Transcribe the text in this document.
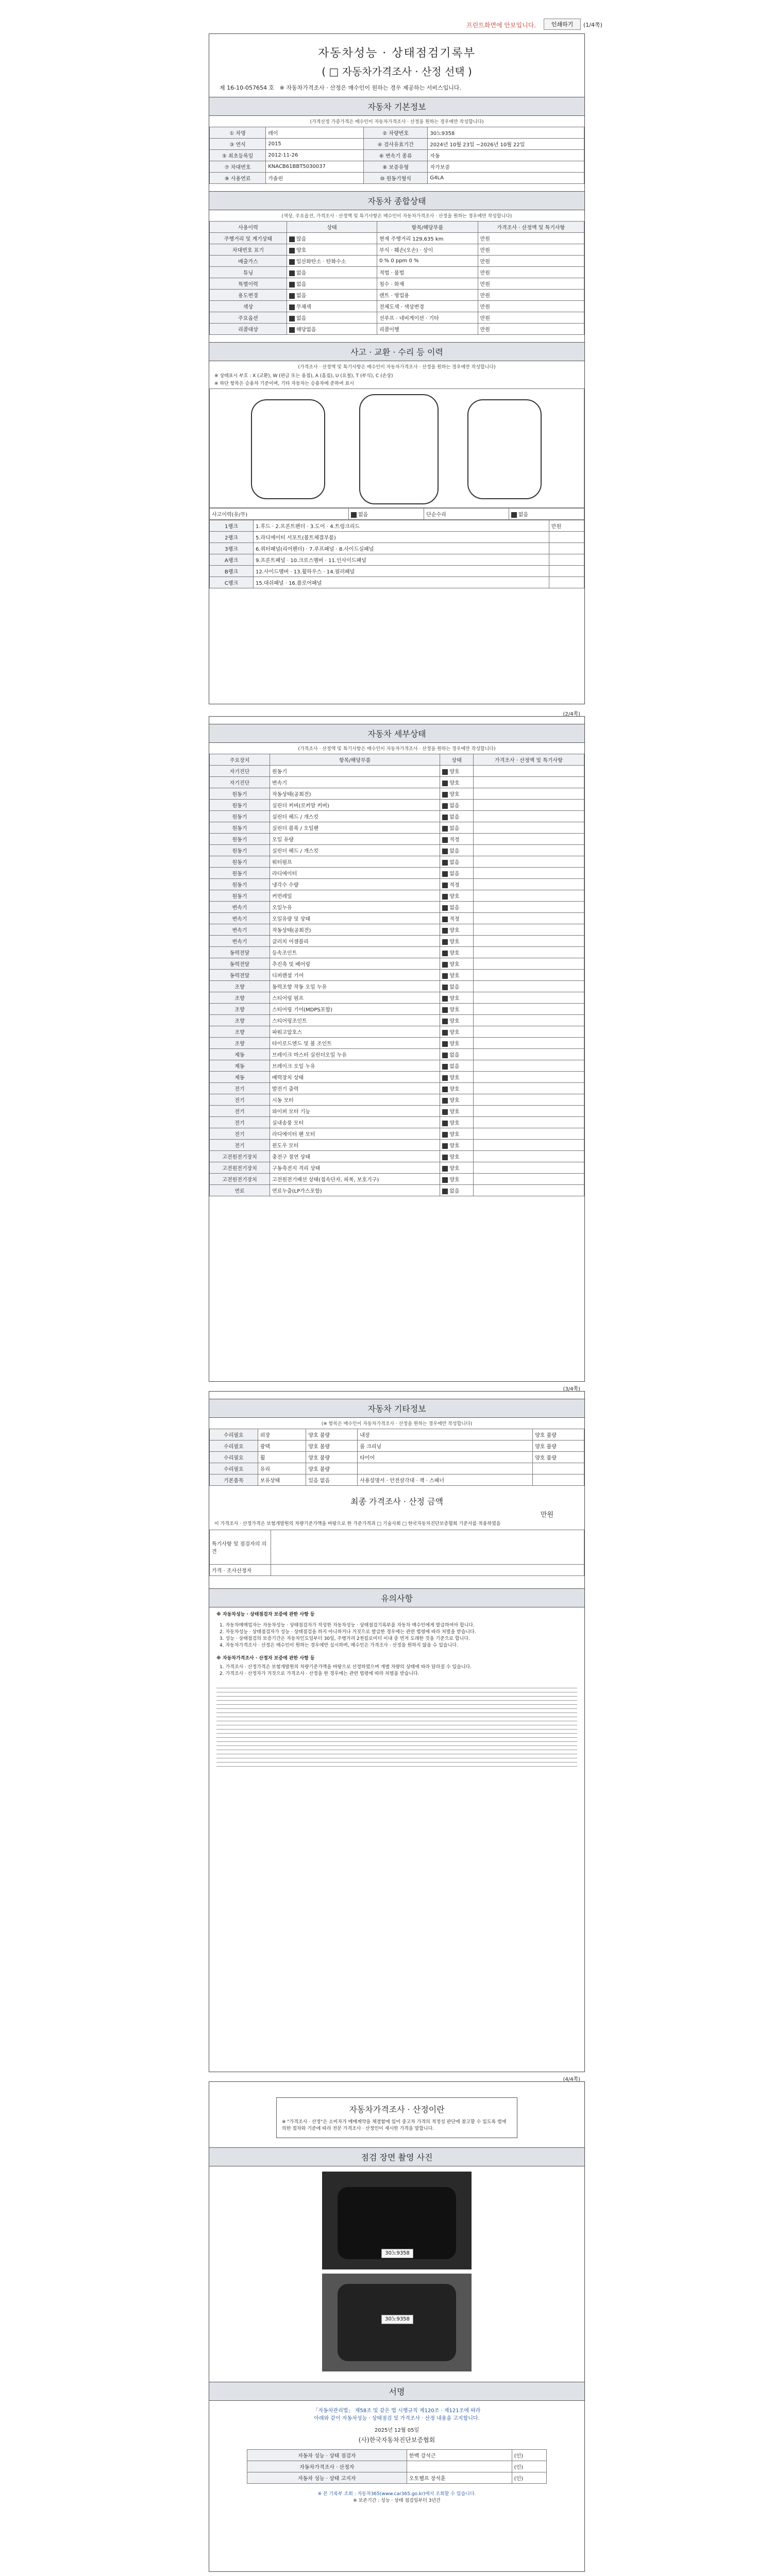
프린트화면에 안보입니다.	인쇄하기	(1/4쪽)
자동차성능 · 상태점검기록부
( □ 자동차가격조사 · 산정 선택 )
제 16-10-057654 호 ※ 자동차가격조사 · 산정은 매수인이 원하는 경우 제공하는 서비스입니다.
자동차 기본정보
(가격산정 가중가격은 매수인이 자동차가격조사 · 산정을 원하는 경우에만 작성합니다)
① 차명	레이	② 차량번호	30노9358
③ 연식	2015	④ 검사유효기간	2024년 10월 23일 ~2026년 10월 22일
⑤ 최초등록일	2012-11-26	⑥ 변속기 종류	자동
⑦ 차대번호	KNACB61BBT5030037	⑧ 보증유형	자가보증
⑨ 사용연료	가솔린	⑩ 원동기형식	G4LA
자동차 종합상태
(색상, 주요옵션, 가격조사 · 산정액 및 특기사항은 매수인이 자동차가격조사 · 산정을 원하는 경우에만 작성합니다)
사용이력	상태	항목/해당부품	가격조사 · 산정액 및 특기사항
주행거리 및 계기상태	많음	현재 주행거리 129,635 km	만원
차대번호 표기	양호	부식 · 훼손(오손) · 상이	만원
배출가스	일산화탄소 · 탄화수소	0 % 0 ppm 0 %	만원
튜닝	없음	적법 · 불법	만원
특별이력	없음	침수 · 화재	만원
용도변경	없음	렌트 · 영업용	만원
색상	무채색	전체도색 · 색상변경	만원
주요옵션	없음	선루프 · 네비게이션 · 기타	만원
리콜대상	해당없음	리콜이행	만원
사고 · 교환 · 수리 등 이력
(가격조사 · 산정액 및 특기사항은 매수인이 자동차가격조사 · 산정을 원하는 경우에만 작성합니다)
※ 상태표시 부호 : X (교환), W (판금 또는 용접), A (흠집), U (요철), T (부식), C (손상)
※ 하단 항목은 승용차 기준이며, 기타 자동차는 승용차에 준하여 표시
사고이력(유/무)	없음	단순수리	없음
1랭크	1.후드 · 2.프론트펜더 · 3.도어 · 4.트렁크리드	만원
2랭크	5.라디에이터 서포트(볼트체결부품)	
3랭크	6.쿼터패널(리어펜더) · 7.루프패널 · 8.사이드실패널	
A랭크	9.프론트패널 · 10.크로스멤버 · 11.인사이드패널	
B랭크	12.사이드멤버 · 13.휠하우스 · 14.필러패널	
C랭크	15.대쉬패널 · 16.플로어패널	
(2/4쪽)
자동차 세부상태
(가격조사 · 산정액 및 특기사항은 매수인이 자동차가격조사 · 산정을 원하는 경우에만 작성합니다)
주요장치	항목/해당부품	상태	가격조사 · 산정액 및 특기사항
자기진단	원동기	양호	
자기진단	변속기	양호	
원동기	작동상태(공회전)	양호	
원동기	실린더 커버(로커암 커버)	없음	
원동기	실린더 헤드 / 개스킷	없음	
원동기	실린더 블록 / 오일팬	없음	
원동기	오일 유량	적정	
원동기	실린더 헤드 / 개스킷	없음	
원동기	워터펌프	없음	
원동기	라디에이터	없음	
원동기	냉각수 수량	적정	
원동기	커먼레일	양호	
변속기	오일누유	없음	
변속기	오일유량 및 상태	적정	
변속기	작동상태(공회전)	양호	
변속기	클러치 어셈블리	양호	
동력전달	등속조인트	양호	
동력전달	추진축 및 베어링	양호	
동력전달	디퍼렌셜 기어	양호	
조향	동력조향 작동 오일 누유	없음	
조향	스티어링 펌프	양호	
조향	스티어링 기어(MDPS포함)	양호	
조향	스티어링조인트	양호	
조향	파워고압호스	양호	
조향	타이로드엔드 및 볼 조인트	양호	
제동	브레이크 마스터 실린더오일 누유	없음	
제동	브레이크 오일 누유	없음	
제동	배력장치 상태	양호	
전기	발전기 출력	양호	
전기	시동 모터	양호	
전기	와이퍼 모터 기능	양호	
전기	실내송풍 모터	양호	
전기	라디에이터 팬 모터	양호	
전기	윈도우 모터	양호	
고전원전기장치	충전구 절연 상태	양호	
고전원전기장치	구동축전지 격리 상태	양호	
고전원전기장치	고전원전기배선 상태(접속단자, 피복, 보호기구)	양호	
연료	연료누출(LP가스포함)	없음	
(3/4쪽)
자동차 기타정보
(※ 항목은 매수인이 자동차가격조사 · 산정을 원하는 경우에만 작성합니다)
수리필요	외장	양호 불량	내장	양호 불량
수리필요	광택	양호 불량	룸 크리닝	양호 불량
수리필요	휠	양호 불량	타이어	양호 불량
수리필요	유리	양호 불량		
기본품목	보유상태	있음 없음	사용설명서 · 안전삼각대 · 잭 · 스패너	
최종 가격조사 · 산정 금액
만원
이 가격조사 · 산정가격은 보험개발원의 차량기준가액을 바탕으로 한 가준가격과 □ 기술사회 □ 한국자동차진단보증협회 기준서를 적용하였음
특기사항 및 점검자의 의견	
가격 · 조사산정자	
유의사항
※ 자동차성능 · 상태점검자 보증에 관한 사항 등
1. 자동차매매업자는 자동차성능 · 상태점검자가 작성한 자동차성능 · 상태점검기록부를 자동차 매수인에게 발급하여야 합니다.
2. 자동차성능 · 상태점검자가 성능 · 상태점검을 하지 아니하거나 거짓으로 발급한 경우에는 관련 법령에 따라 처벌을 받습니다.
3. 성능 · 상태점검의 보증기간은 자동차인도일부터 30일, 주행거리 2천킬로미터 이내 중 먼저 도래한 것을 기준으로 합니다.
4. 자동차가격조사 · 산정은 매수인이 원하는 경우에만 실시하며, 매수인은 가격조사 · 산정을 원하지 않을 수 있습니다.
※ 자동차가격조사 · 산정자 보증에 관한 사항 등
1. 가격조사 · 산정가격은 보험개발원의 차량기준가액을 바탕으로 산정하였으며 개별 차량의 상태에 따라 달라질 수 있습니다.
2. 가격조사 · 산정자가 거짓으로 가격조사 · 산정을 한 경우에는 관련 법령에 따라 처벌을 받습니다.
(4/4쪽)
자동차가격조사 · 산정이란
※ "가격조사 · 산정"은 소비자가 매매계약을 체결함에 있어 중고차 가격의 적정성 판단에 참고할 수 있도록 법에 의한 절차와 기준에 따라 전문 가격조사 · 산정인이 제시한 가격을 말합니다.
점검 장면 촬영 사진
30노9358
30노9358
서명
「자동차관리법」 제58조 및 같은 법 시행규칙 제120조 · 제121조에 따라
아래와 같이 자동차성능 · 상태점검 및 가격조사 · 산정 내용을 고지합니다.
2025년 12월 05일
(사)한국자동차진단보증협회
자동차 성능 · 상태 점검자	한백 강석근	(인)
자동차가격조사 · 산정자		(인)
자동차 성능 · 상태 고지자	오토헬프 장석훈	(인)
※ 본 기록부 조회 : 자동차365(www.car365.go.kr)에서 조회할 수 있습니다.
※ 보존기간 : 성능 · 상태 점검일부터 3년간
